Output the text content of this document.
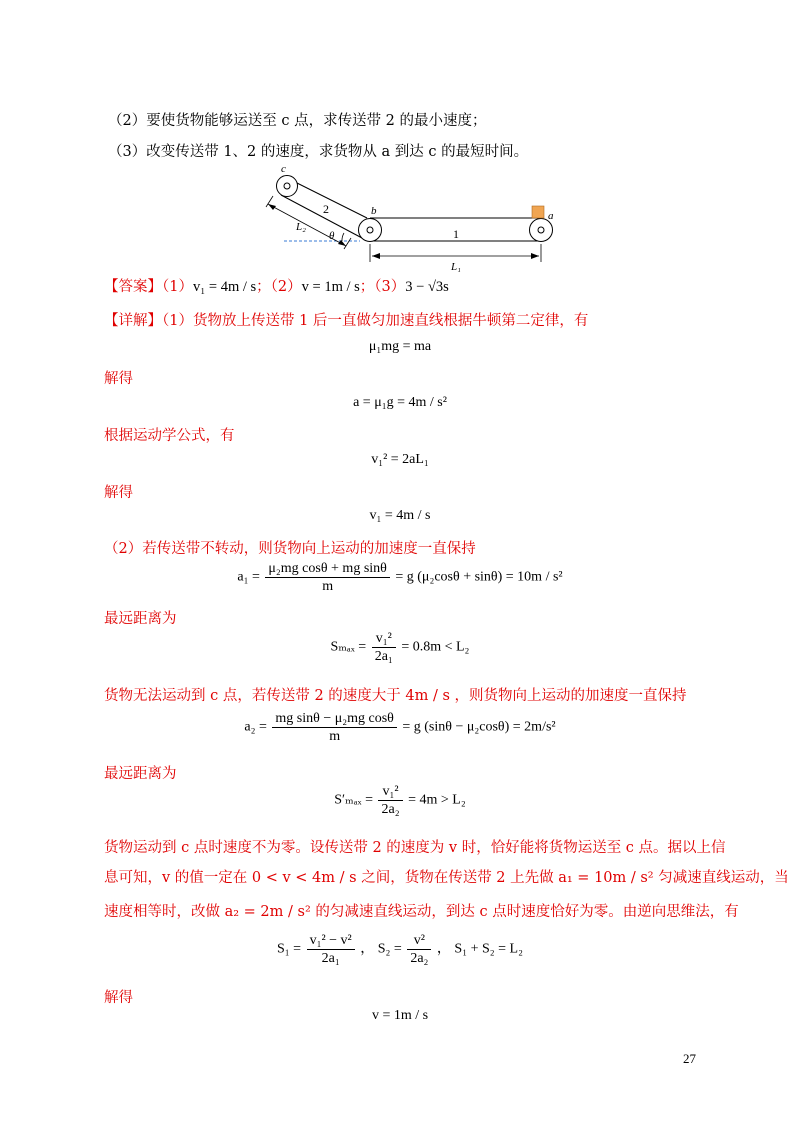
（2）要使货物能够运送至 c 点，求传送带 2 的最小速度；
（3）改变传送带 1、2 的速度，求货物从 a 到达 c 的最短时间。
c
a
b
2
1
L₂
θ
L₁
【答案】（1）v₁ = 4m / s；（2）v = 1m / s；（3）3 − √3s
【详解】（1）货物放上传送带 1 后一直做匀加速直线根据牛顿第二定律，有
μ₁mg = ma
解得
a = μ₁g = 4m / s²
根据运动学公式，有
v₁² = 2aL₁
解得
v₁ = 4m / s
（2）若传送带不转动，则货物向上运动的加速度一直保持
$a_1 = \frac{\text{μ₂mg cosθ + mg sinθ}}{m} = g$ (μ₂cosθ + sinθ) = 10m / s²
最远距离为
$S_{max} = \frac{\text{v₁²}}{\text{2a₁}} = 0.8m < L_2$
货物无法运动到 c 点，若传送带 2 的速度大于 4m / s ，则货物向上运动的加速度一直保持
$a_2 = \frac{\text{mg sinθ − μ₂mg cosθ}}{m} = g$ (sinθ − μ₂cosθ) = 2m/s²
最远距离为
$S'_{max} = \frac{\text{v₁²}}{\text{2a₂}} = 4m > L_2$
货物运动到 c 点时速度不为零。设传送带 2 的速度为 v 时，恰好能将货物运送至 c 点。据以上信
息可知，v 的值一定在 0 < v < 4m / s 之间，货物在传送带 2 上先做 a₁ = 10m / s² 匀减速直线运动，当
速度相等时，改做 a₂ = 2m / s² 的匀减速直线运动，到达 c 点时速度恰好为零。由逆向思维法，有
$S_1 = \frac{\text{v₁² − v²}}{\text{2a₁}}$ ， $S_2 = \frac{\text{v²}}{\text{2a₂}}$ ， S₁ + S₂ = L₂
解得
v = 1m / s
27
